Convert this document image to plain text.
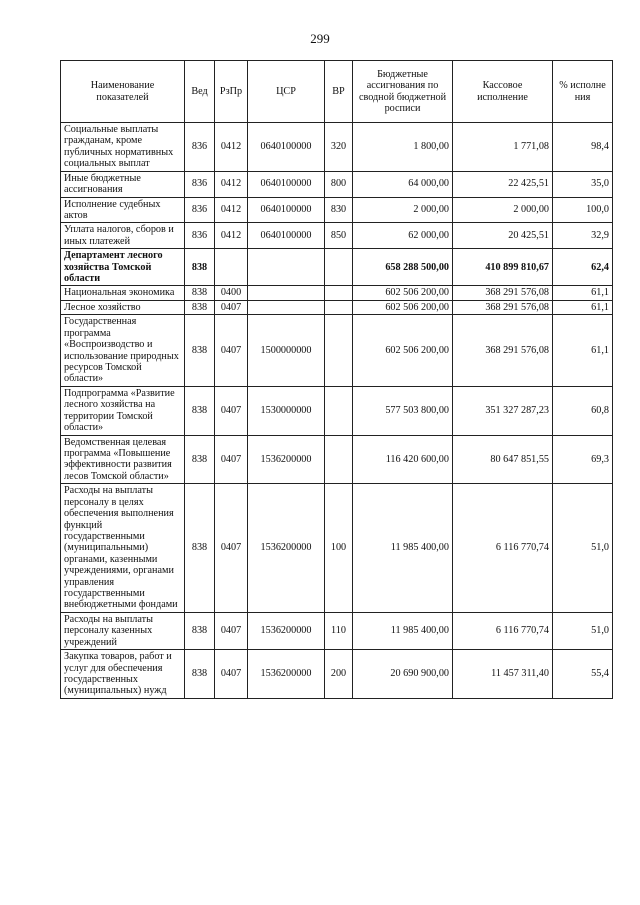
299
Наименование показателей	Вед	РзПр	ЦСР	ВР	Бюджетные ассигнования по сводной бюджетной росписи	Кассовое исполнение	% исполне ния
Социальные выплаты гражданам, кроме публичных нормативных социальных выплат	836	0412	0640100000	320	1 800,00	1 771,08	98,4
Иные бюджетные ассигнования	836	0412	0640100000	800	64 000,00	22 425,51	35,0
Исполнение судебных актов	836	0412	0640100000	830	2 000,00	2 000,00	100,0
Уплата налогов, сборов и иных платежей	836	0412	0640100000	850	62 000,00	20 425,51	32,9
Департамент лесного хозяйства Томской области	838				658 288 500,00	410 899 810,67	62,4
Национальная экономика	838	0400			602 506 200,00	368 291 576,08	61,1
Лесное хозяйство	838	0407			602 506 200,00	368 291 576,08	61,1
Государственная программа «Воспроизводство и использование природных ресурсов Томской области»	838	0407	1500000000		602 506 200,00	368 291 576,08	61,1
Подпрограмма «Развитие лесного хозяйства на территории Томской области»	838	0407	1530000000		577 503 800,00	351 327 287,23	60,8
Ведомственная целевая программа «Повышение эффективности развития лесов Томской области»	838	0407	1536200000		116 420 600,00	80 647 851,55	69,3
Расходы на выплаты персоналу в целях обеспечения выполнения функций государственными (муниципальными) органами, казенными учреждениями, органами управления государственными внебюджетными фондами	838	0407	1536200000	100	11 985 400,00	6 116 770,74	51,0
Расходы на выплаты персоналу казенных учреждений	838	0407	1536200000	110	11 985 400,00	6 116 770,74	51,0
Закупка товаров, работ и услуг для обеспечения государственных (муниципальных) нужд	838	0407	1536200000	200	20 690 900,00	11 457 311,40	55,4
